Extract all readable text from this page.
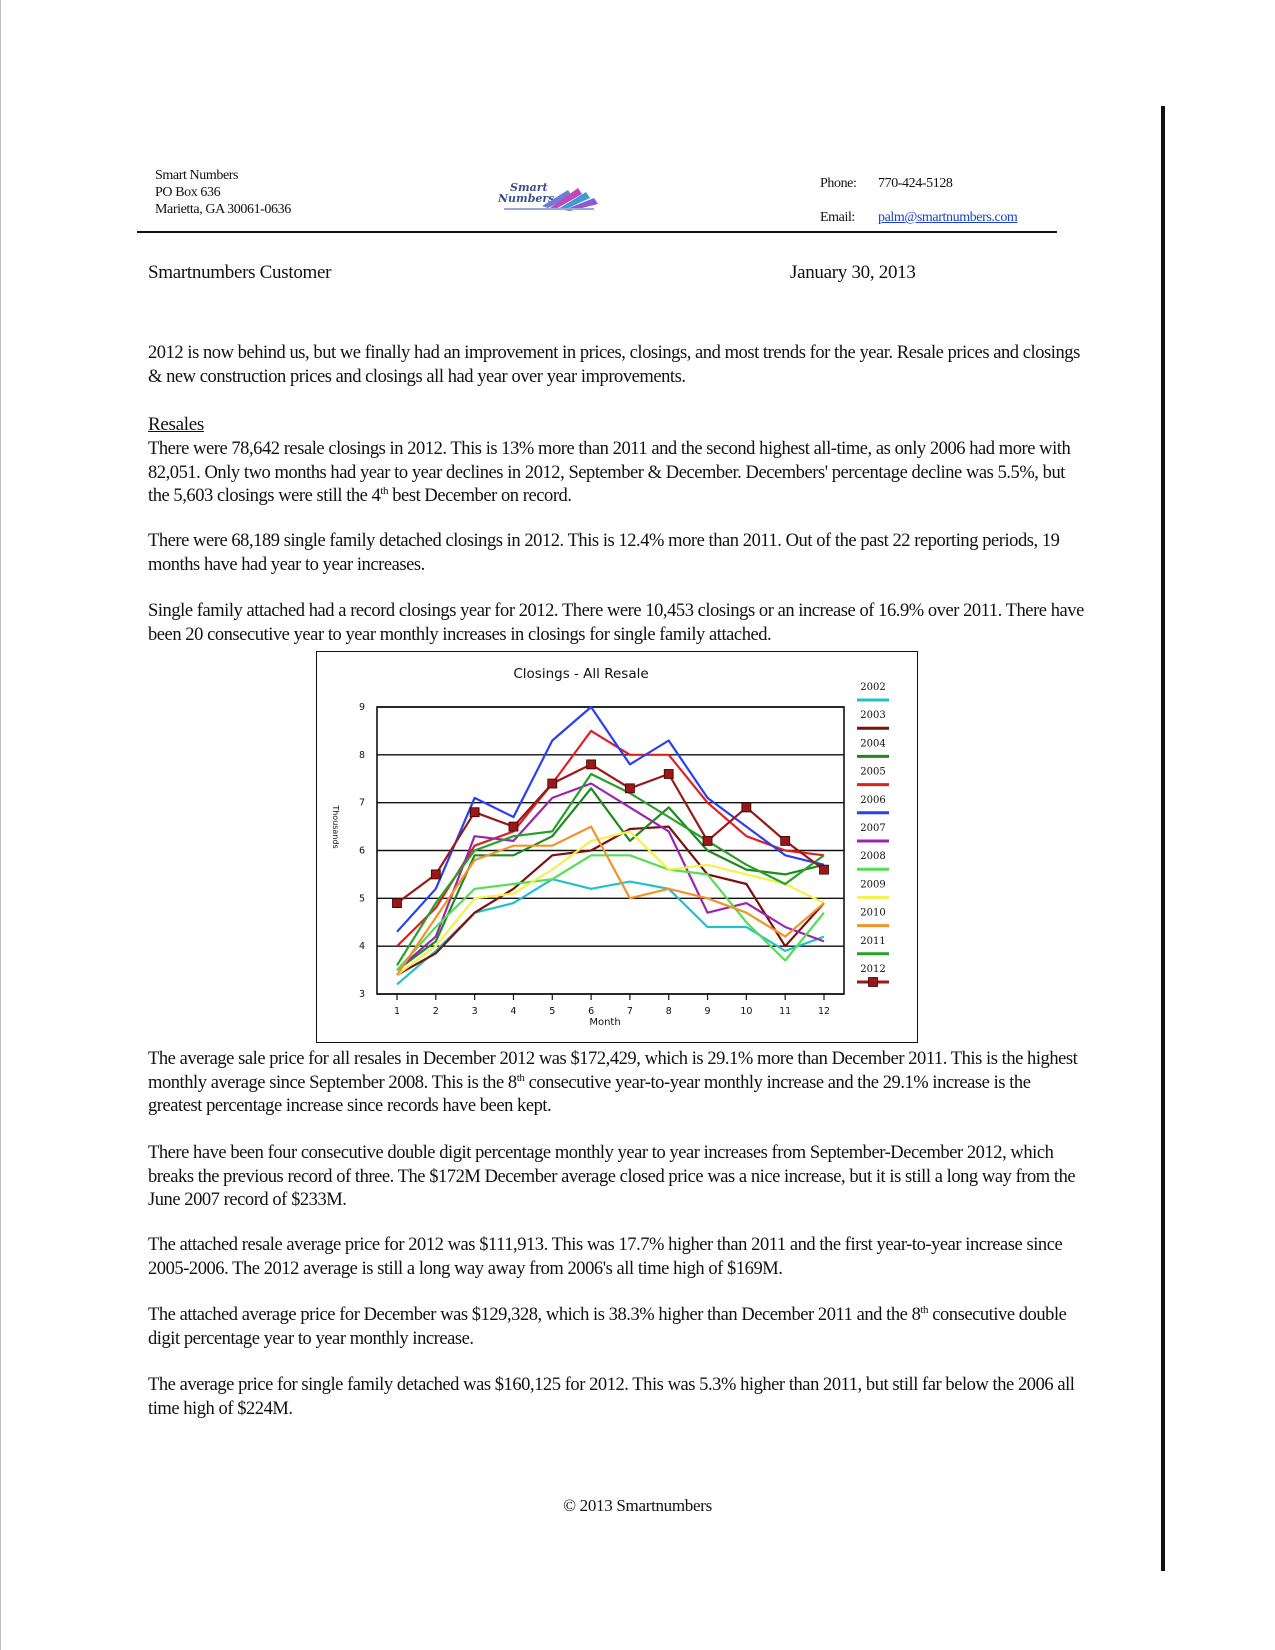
Smart Numbers
PO Box 636
Marietta, GA 30061-0636
Smart
Numbers
Phone: 770-424-5128
Email: palm@smartnumbers.com
Smartnumbers Customer	January 30, 2013

2012 is now behind us, but we finally had an improvement in prices, closings, and most trends for the year. Resale prices and closings & new construction prices and closings all had year over year improvements.

Resales

There were 78,642 resale closings in 2012. This is 13% more than 2011 and the second highest all-time, as only 2006 had more with 82,051. Only two months had year to year declines in 2012, September & December. Decembers' percentage decline was 5.5%, but the 5,603 closings were still the 4th best December on record.

There were 68,189 single family detached closings in 2012. This is 12.4% more than 2011. Out of the past 22 reporting periods, 19 months have had year to year increases.

Single family attached had a record closings year for 2012. There were 10,453 closings or an increase of 16.9% over 2011. There have been 20 consecutive year to year monthly increases in closings for single family attached.

Closings - All Resale
3
4
5
6
7
8
9
1	2	3	4	5	6	7	8	9	10	11	12
2002
2003
2004
2005
2006
2007
2008
2009
2010
2011
2012
Month
Thousands

The average sale price for all resales in December 2012 was $172,429, which is 29.1% more than December 2011. This is the highest monthly average since September 2008. This is the 8th consecutive year-to-year monthly increase and the 29.1% increase is the greatest percentage increase since records have been kept.

There have been four consecutive double digit percentage monthly year to year increases from September-December 2012, which breaks the previous record of three. The $172M December average closed price was a nice increase, but it is still a long way from the June 2007 record of $233M.

The attached resale average price for 2012 was $111,913. This was 17.7% higher than 2011 and the first year-to-year increase since 2005-2006. The 2012 average is still a long way away from 2006's all time high of $169M.

The attached average price for December was $129,328, which is 38.3% higher than December 2011 and the 8th consecutive double digit percentage year to year monthly increase.

The average price for single family detached was $160,125 for 2012. This was 5.3% higher than 2011, but still far below the 2006 all time high of $224M.

© 2013 Smartnumbers
